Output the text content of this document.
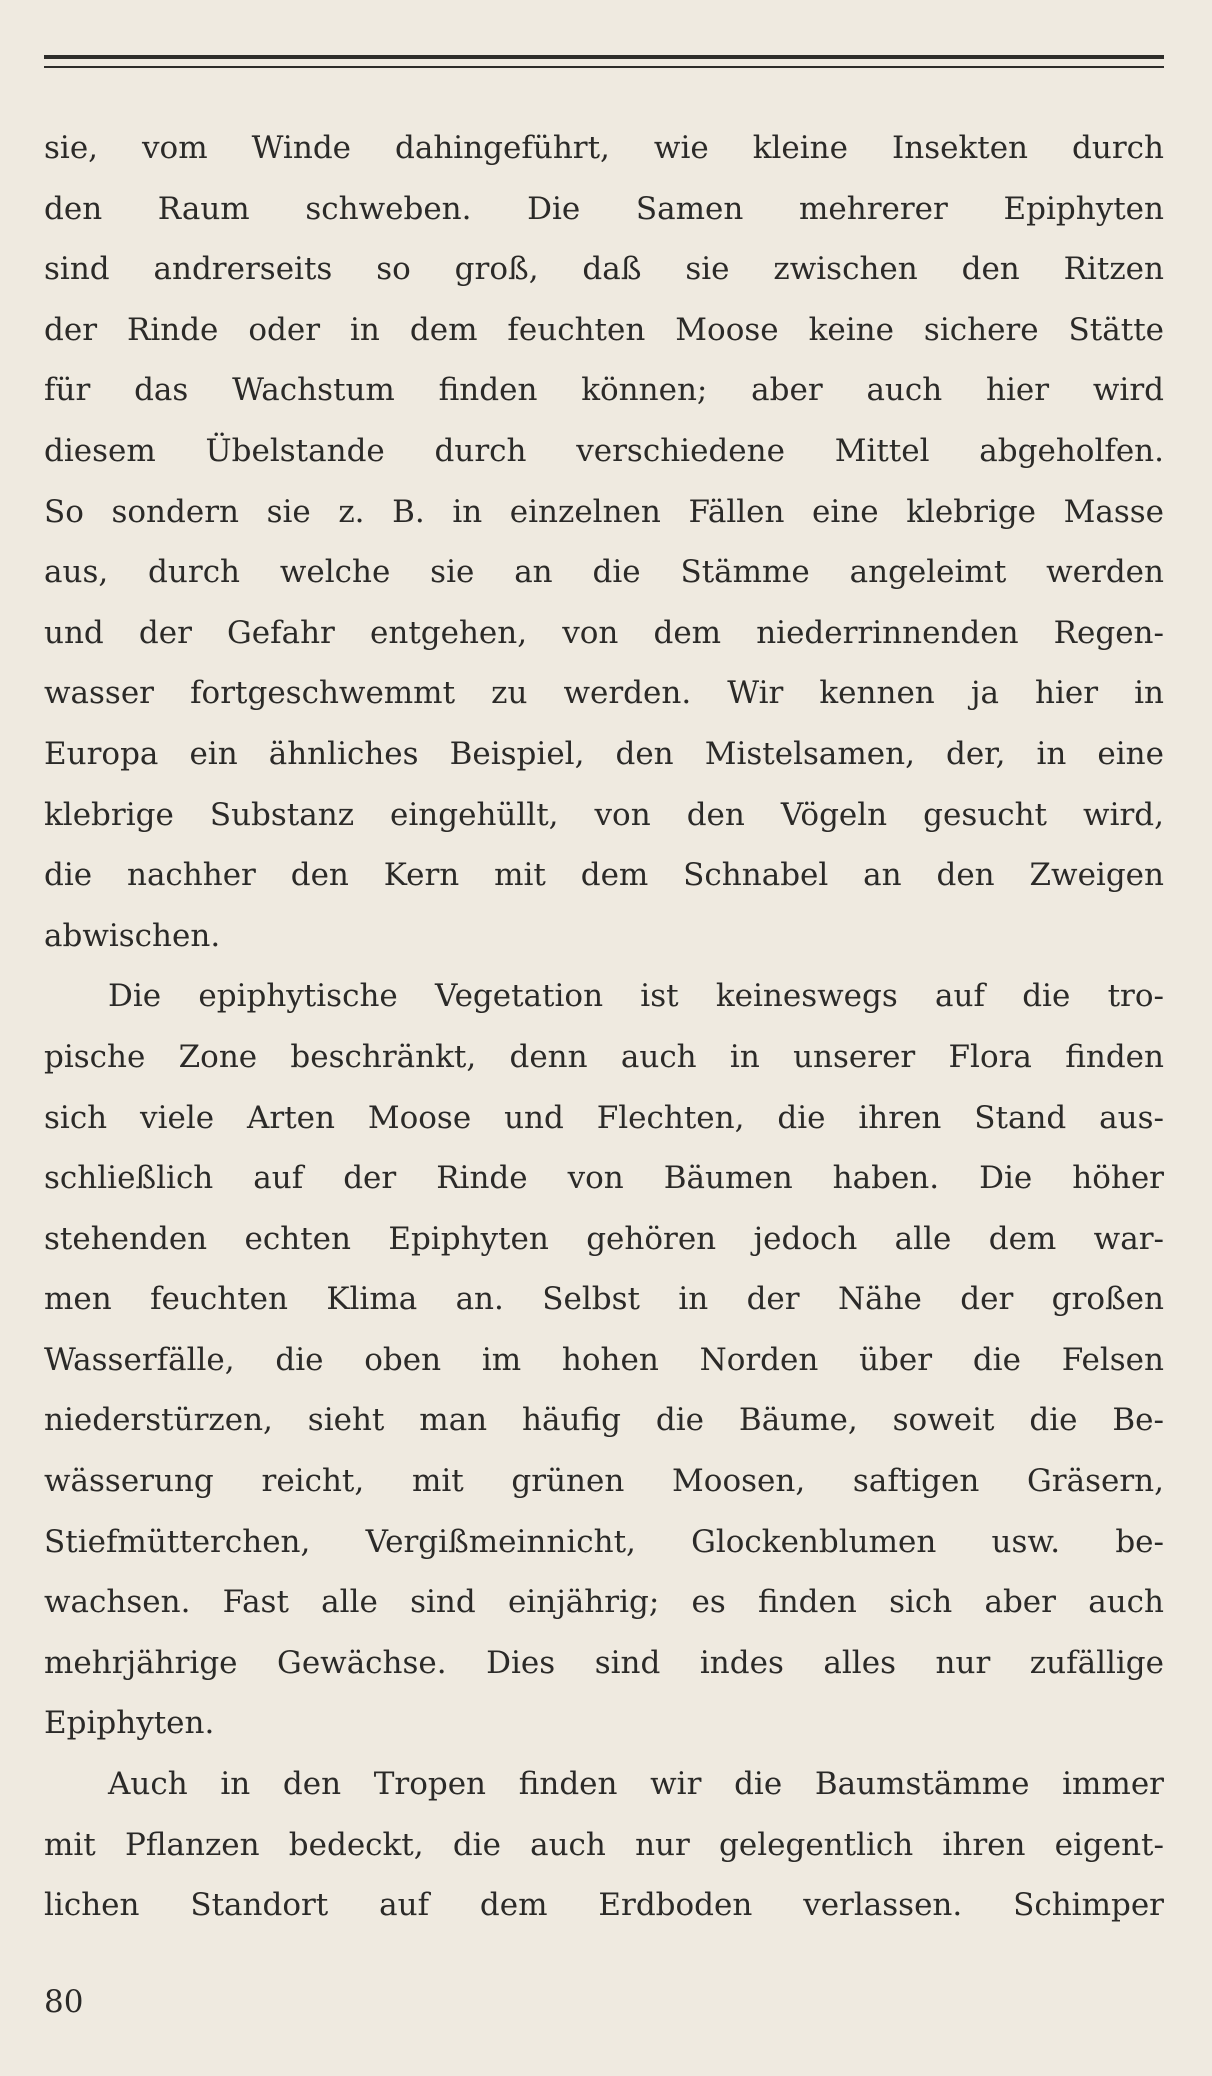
sie, vom Winde dahingeführt, wie kleine Insekten durch
den Raum schweben. Die Samen mehrerer Epiphyten
sind andrerseits so groß, daß sie zwischen den Ritzen
der Rinde oder in dem feuchten Moose keine sichere Stätte
für das Wachstum finden können; aber auch hier wird
diesem Übelstande durch verschiedene Mittel abgeholfen.
So sondern sie z. B. in einzelnen Fällen eine klebrige Masse
aus, durch welche sie an die Stämme angeleimt werden
und der Gefahr entgehen, von dem niederrinnenden Regen-
wasser fortgeschwemmt zu werden. Wir kennen ja hier in
Europa ein ähnliches Beispiel, den Mistelsamen, der, in eine
klebrige Substanz eingehüllt, von den Vögeln gesucht wird,
die nachher den Kern mit dem Schnabel an den Zweigen
abwischen.
Die epiphytische Vegetation ist keineswegs auf die tro-
pische Zone beschränkt, denn auch in unserer Flora finden
sich viele Arten Moose und Flechten, die ihren Stand aus-
schließlich auf der Rinde von Bäumen haben. Die höher
stehenden echten Epiphyten gehören jedoch alle dem war-
men feuchten Klima an. Selbst in der Nähe der großen
Wasserfälle, die oben im hohen Norden über die Felsen
niederstürzen, sieht man häufig die Bäume, soweit die Be-
wässerung reicht, mit grünen Moosen, saftigen Gräsern,
Stiefmütterchen, Vergißmeinnicht, Glockenblumen usw. be-
wachsen. Fast alle sind einjährig; es finden sich aber auch
mehrjährige Gewächse. Dies sind indes alles nur zufällige
Epiphyten.
Auch in den Tropen finden wir die Baumstämme immer
mit Pflanzen bedeckt, die auch nur gelegentlich ihren eigent-
lichen Standort auf dem Erdboden verlassen. Schimper
80
